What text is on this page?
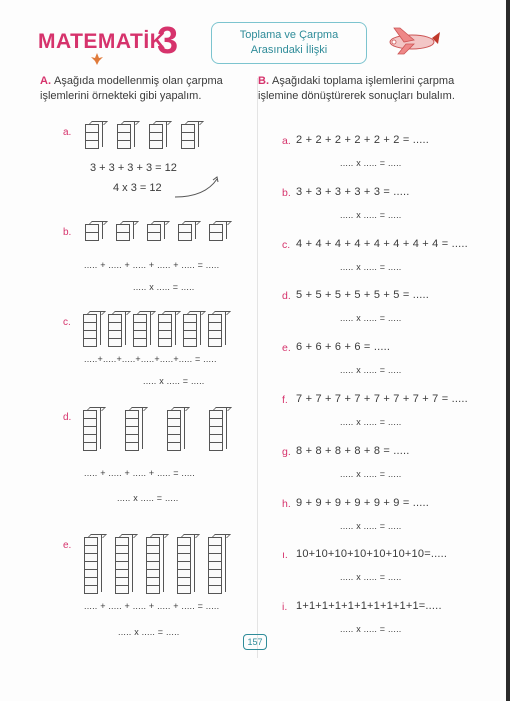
MATEMATİK
3	Toplama ve Çarpma
Arasındaki İlişki
A. Aşağıda modellenmiş olan çarpma işlemlerini örnekteki gibi yapalım.
B. Aşağıdaki toplama işlemlerini çarpma işlemine dönüştürerek sonuçları bulalım.
a.
3 + 3 + 3 + 3 = 12
4 x 3 = 12
b.
..... + ..... + ..... + ..... + ..... = .....
..... x ..... = .....
c.
.....+.....+.....+.....+.....+..... = .....
..... x ..... = .....
d.
..... + ..... + ..... + ..... = .....
..... x ..... = .....
e.
..... + ..... + ..... + ..... + ..... = .....
..... x ..... = .....
a. 2 + 2 + 2 + 2 + 2 + 2 = .....
..... x ..... = .....
b. 3 + 3 + 3 + 3 + 3 = .....
..... x ..... = .....
c. 4 + 4 + 4 + 4 + 4 + 4 + 4 + 4 = .....
..... x ..... = .....
d. 5 + 5 + 5 + 5 + 5 + 5 = .....
..... x ..... = .....
e. 6 + 6 + 6 + 6 = .....
..... x ..... = .....
f. 7 + 7 + 7 + 7 + 7 + 7 + 7 + 7 = .....
..... x ..... = .....
g. 8 + 8 + 8 + 8 + 8 = .....
..... x ..... = .....
h. 9 + 9 + 9 + 9 + 9 + 9 = .....
..... x ..... = .....
ı. 10+10+10+10+10+10+10=.....
..... x ..... = .....
i. 1+1+1+1+1+1+1+1+1+1=.....
..... x ..... = .....
157
